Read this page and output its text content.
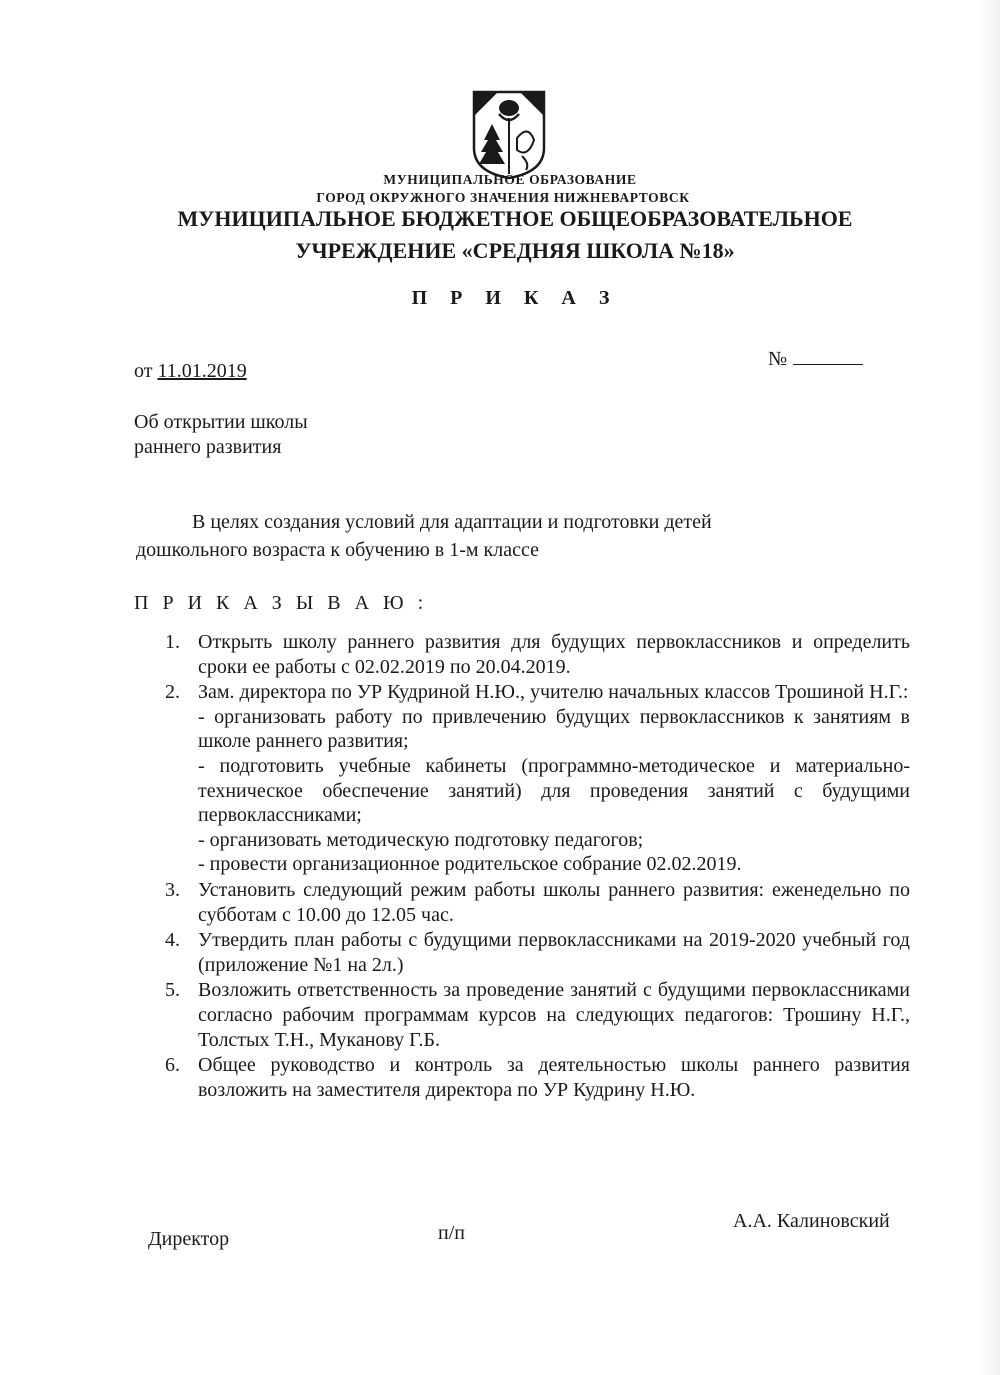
МУНИЦИПАЛЬНОЕ ОБРАЗОВАНИЕ
ГОРОД ОКРУЖНОГО ЗНАЧЕНИЯ НИЖНЕВАРТОВСК
МУНИЦИПАЛЬНОЕ БЮДЖЕТНОЕ ОБЩЕОБРАЗОВАТЕЛЬНОЕ
УЧРЕЖДЕНИЕ «СРЕДНЯЯ ШКОЛА №18»
П Р И К А З
от 11.01.2019
№
Об открытии школы
раннего развития
В целях создания условий для адаптации и подготовки детей
дошкольного возраста к обучению в 1-м классе
П Р И К А З Ы В А Ю :
1. Открыть школу раннего развития для будущих первоклассников и определить сроки ее работы с 02.02.2019 по 20.04.2019.
2. Зам. директора по УР Кудриной Н.Ю., учителю начальных классов Трошиной Н.Г.:
- организовать работу по привлечению будущих первоклассников к занятиям в школе раннего развития;
- подготовить учебные кабинеты (программно-методическое и материально-техническое обеспечение занятий) для проведения занятий с будущими первоклассниками;
- организовать методическую подготовку педагогов;
- провести организационное родительское собрание 02.02.2019.
3. Установить следующий режим работы школы раннего развития: еженедельно по субботам с 10.00 до 12.05 час.
4. Утвердить план работы с будущими первоклассниками на 2019-2020 учебный год (приложение №1 на 2л.)
5. Возложить ответственность за проведение занятий с будущими первоклассниками согласно рабочим программам курсов на следующих педагогов: Трошину Н.Г., Толстых Т.Н., Муканову Г.Б.
6. Общее руководство и контроль за деятельностью школы раннего развития возложить на заместителя директора по УР Кудрину Н.Ю.
Директор	п/п
А.А. Калиновский
